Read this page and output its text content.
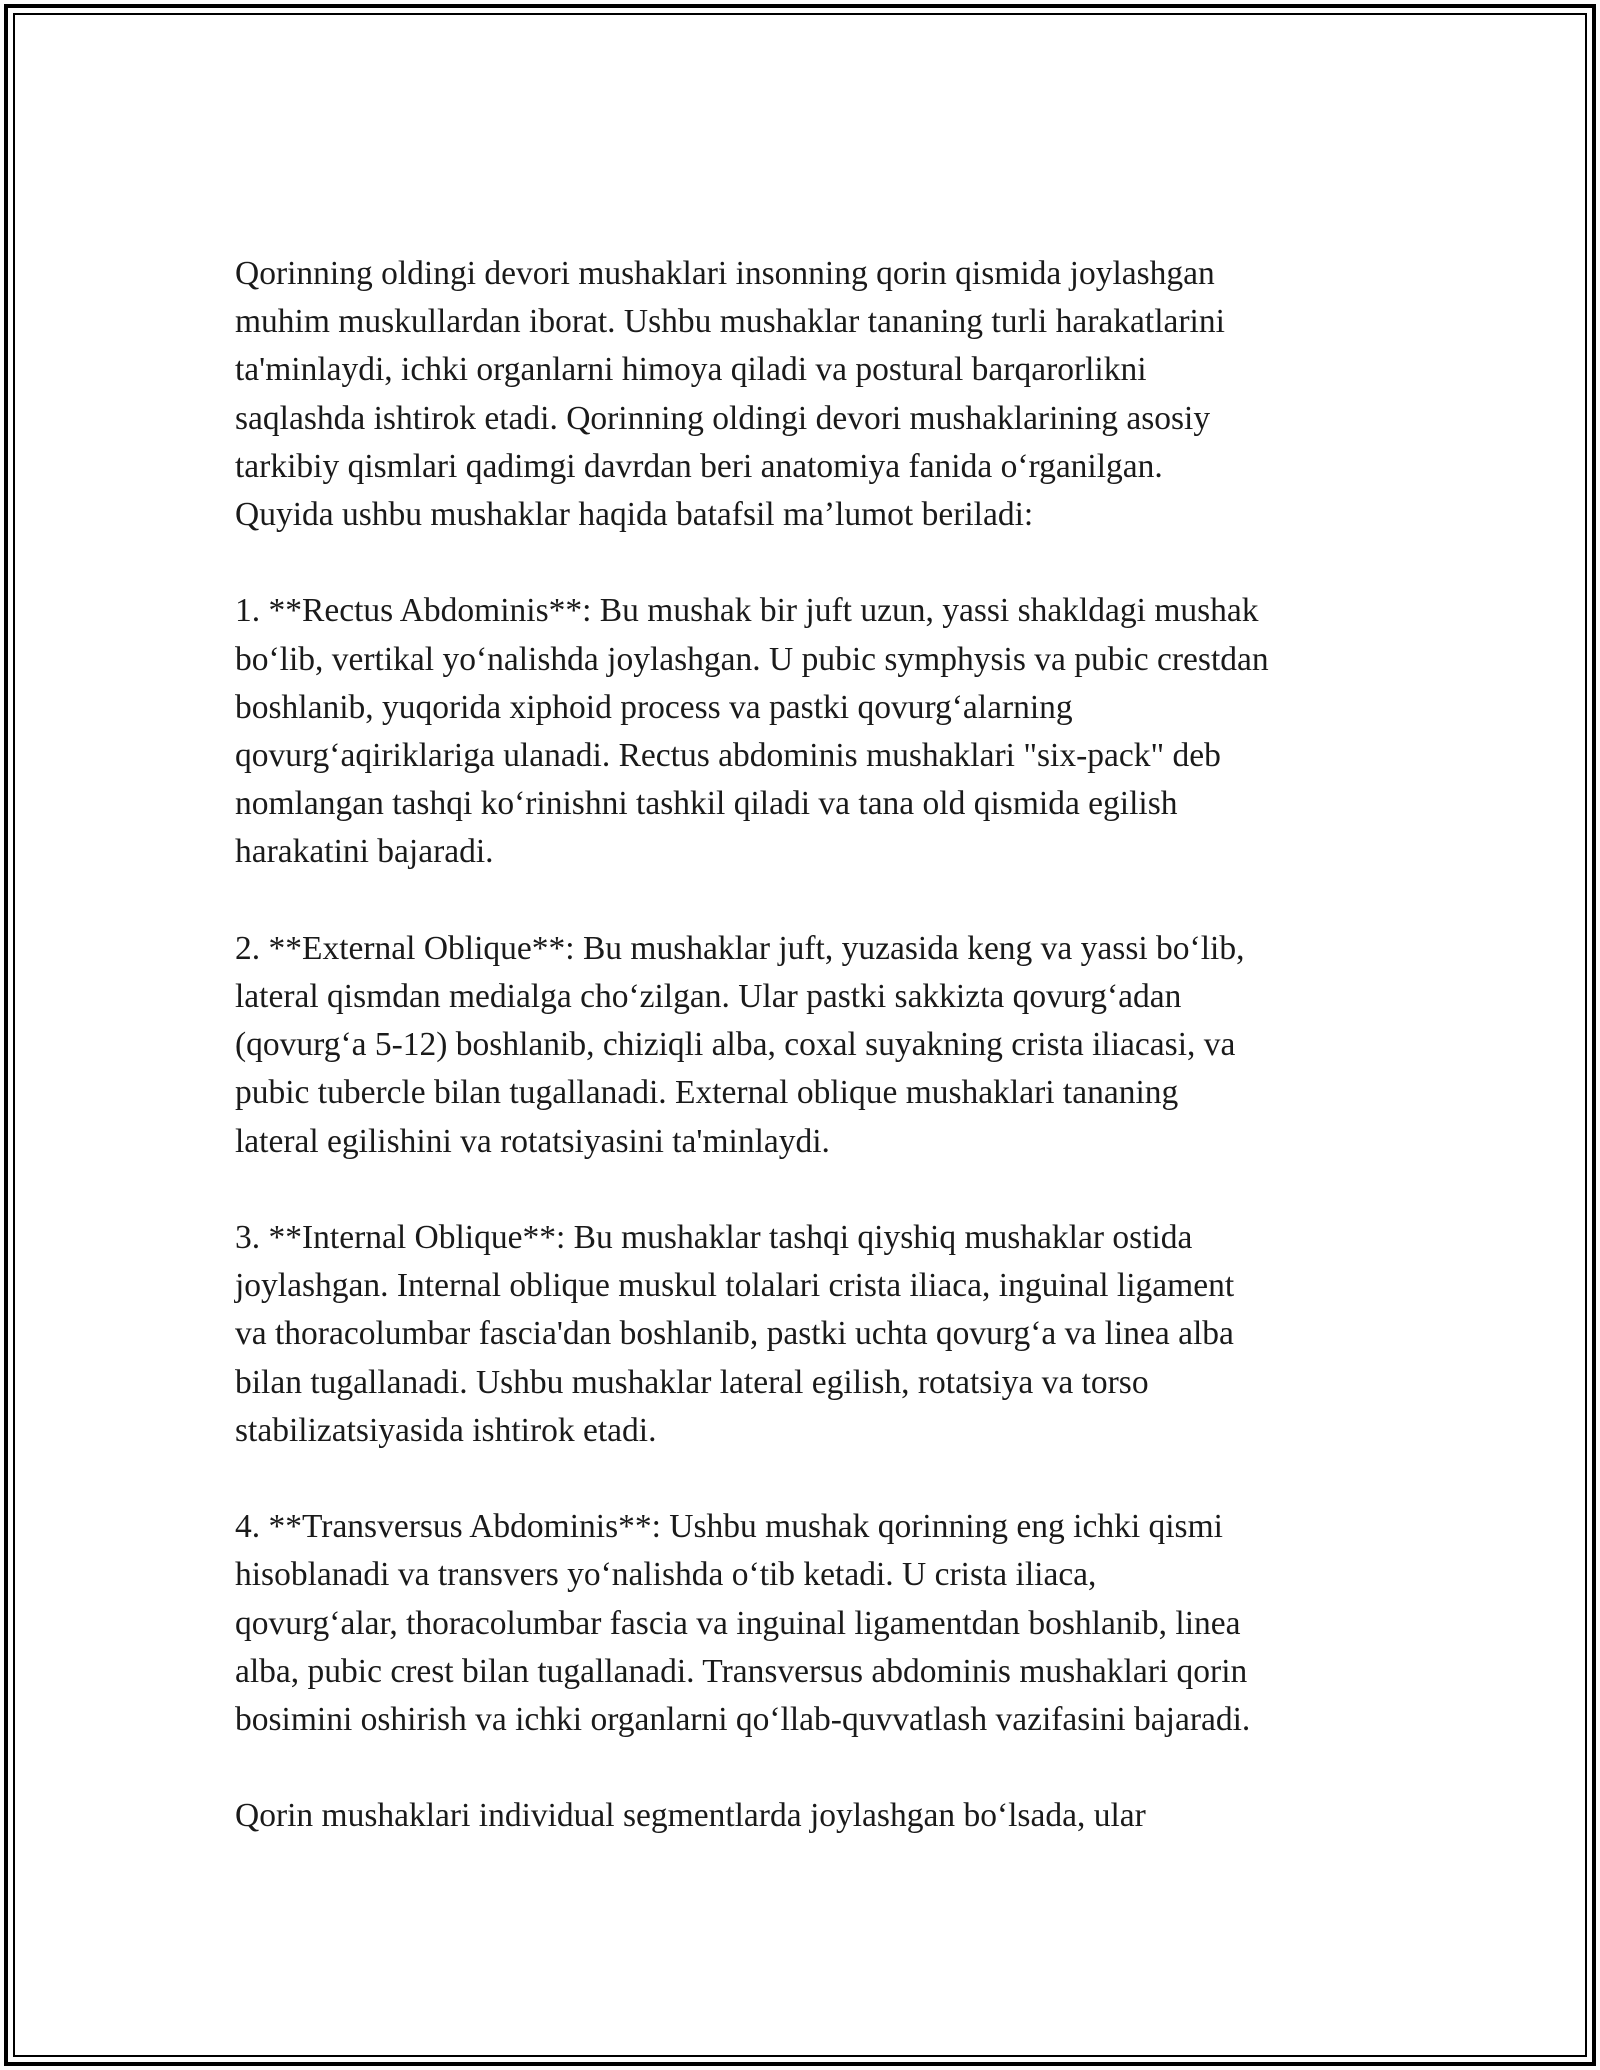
Qorinning oldingi devori mushaklari insonning qorin qismida joylashgan
muhim muskullardan iborat. Ushbu mushaklar tananing turli harakatlarini
ta'minlaydi, ichki organlarni himoya qiladi va postural barqarorlikni
saqlashda ishtirok etadi. Qorinning oldingi devori mushaklarining asosiy
tarkibiy qismlari qadimgi davrdan beri anatomiya fanida oʻrganilgan.
Quyida ushbu mushaklar haqida batafsil maʼlumot beriladi:

1. **Rectus Abdominis**: Bu mushak bir juft uzun, yassi shakldagi mushak
boʻlib, vertikal yoʻnalishda joylashgan. U pubic symphysis va pubic crestdan
boshlanib, yuqorida xiphoid process va pastki qovurgʻalarning
qovurgʻaqiriklariga ulanadi. Rectus abdominis mushaklari "six-pack" deb
nomlangan tashqi koʻrinishni tashkil qiladi va tana old qismida egilish
harakatini bajaradi.

2. **External Oblique**: Bu mushaklar juft, yuzasida keng va yassi boʻlib,
lateral qismdan medialga choʻzilgan. Ular pastki sakkizta qovurgʻadan
(qovurgʻa 5-12) boshlanib, chiziqli alba, coxal suyakning crista iliacasi, va
pubic tubercle bilan tugallanadi. External oblique mushaklari tananing
lateral egilishini va rotatsiyasini ta'minlaydi.

3. **Internal Oblique**: Bu mushaklar tashqi qiyshiq mushaklar ostida
joylashgan. Internal oblique muskul tolalari crista iliaca, inguinal ligament
va thoracolumbar fascia'dan boshlanib, pastki uchta qovurgʻa va linea alba
bilan tugallanadi. Ushbu mushaklar lateral egilish, rotatsiya va torso
stabilizatsiyasida ishtirok etadi.

4. **Transversus Abdominis**: Ushbu mushak qorinning eng ichki qismi
hisoblanadi va transvers yoʻnalishda oʻtib ketadi. U crista iliaca,
qovurgʻalar, thoracolumbar fascia va inguinal ligamentdan boshlanib, linea
alba, pubic crest bilan tugallanadi. Transversus abdominis mushaklari qorin
bosimini oshirish va ichki organlarni qoʻllab-quvvatlash vazifasini bajaradi.

Qorin mushaklari individual segmentlarda joylashgan boʻlsada, ular
